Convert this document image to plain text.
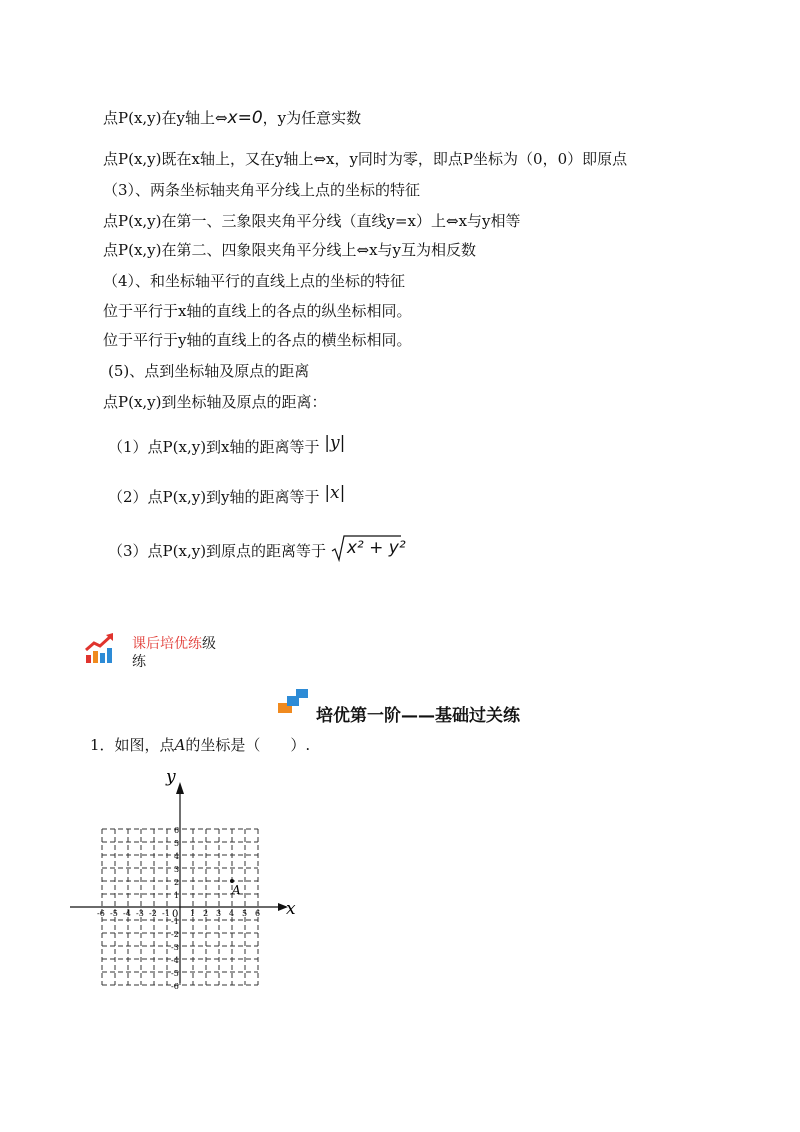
点P(x,y)在y轴上⇔x=0，y为任意实数
点P(x,y)既在x轴上，又在y轴上⇔x，y同时为零，即点P坐标为（0，0）即原点
（3）、两条坐标轴夹角平分线上点的坐标的特征
点P(x,y)在第一、三象限夹角平分线（直线y=x）上⇔x与y相等
点P(x,y)在第二、四象限夹角平分线上⇔x与y互为相反数
（4）、和坐标轴平行的直线上点的坐标的特征
位于平行于x轴的直线上的各点的纵坐标相同。
位于平行于y轴的直线上的各点的横坐标相同。
(5)、点到坐标轴及原点的距离
点P(x,y)到坐标轴及原点的距离：
（1）点P(x,y)到x轴的距离等于 |y|
（2）点P(x,y)到y轴的距离等于 |x|
（3）点P(x,y)到原点的距离等于 x² + y²
课后培优练级
练
培优第一阶——基础过关练
1．如图，点A的坐标是（　　）.
x
y
0
-6 -5 -4 -3 -2 -1	1 2 3 4 5 6
1
2
3
4
5
6
-1
-2
-3
-4
-5
-6
A
